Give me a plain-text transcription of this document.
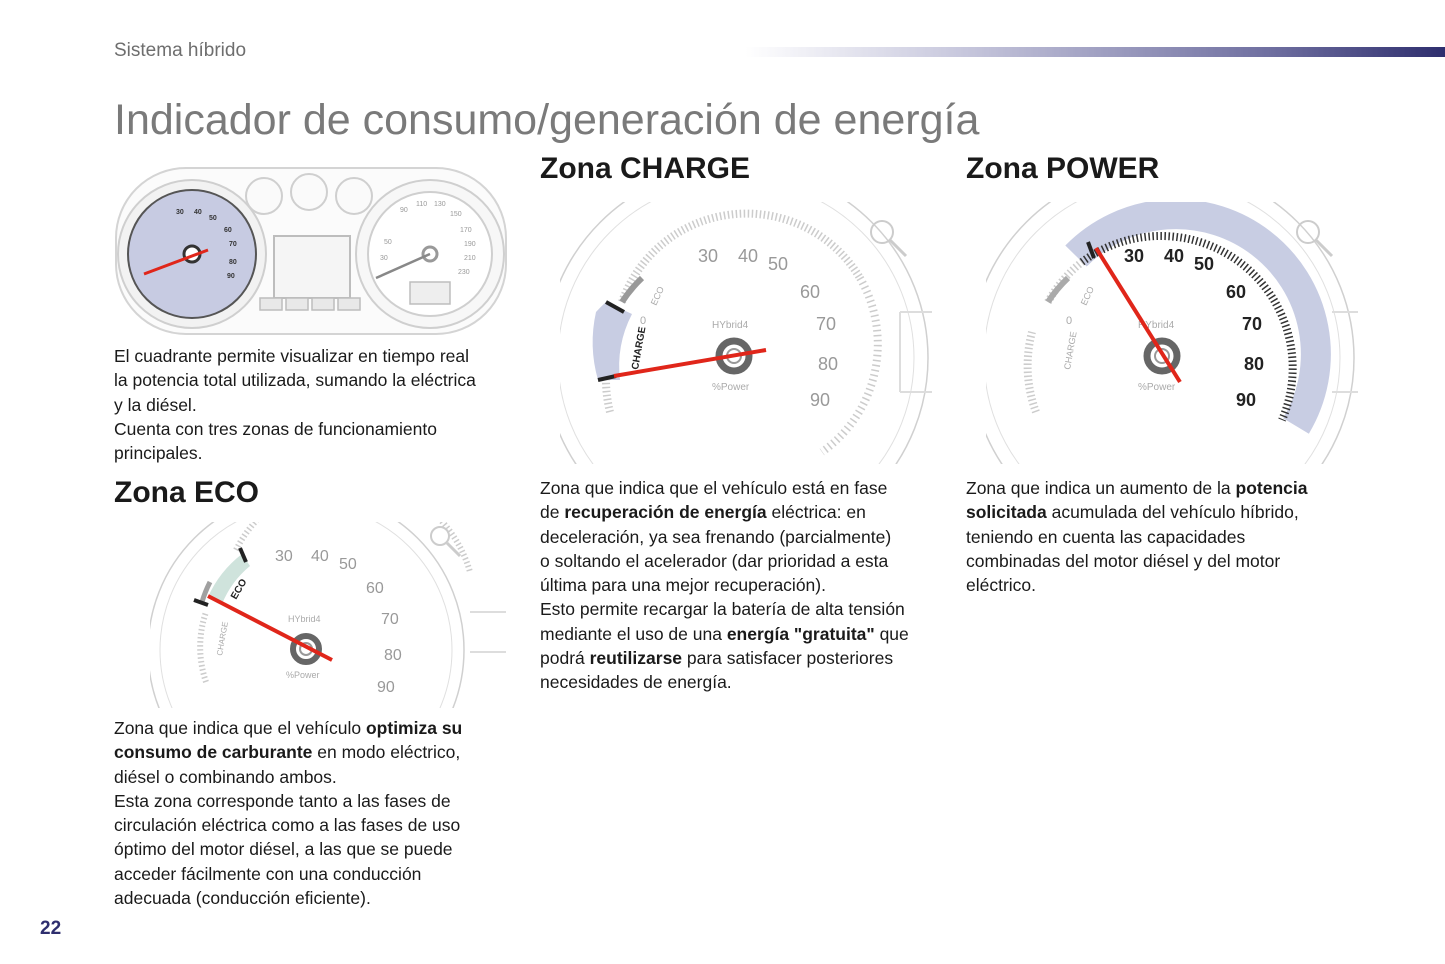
Sistema híbrido
Indicador de consumo/generación de energía
30 40
50
60
70
80
90
90
110 130
150
170
190
210
230
50
30
El cuadrante permite visualizar en tiempo real
la potencia total utilizada, sumando la eléctrica
y la diésel.
Cuenta con tres zonas de funcionamiento
principales.
Zona ECO
30 40 50
60
70
80
90
ECO
CHARGE
HYbrid4
%Power
Zona que indica que el vehículo optimiza su
consumo de carburante en modo eléctrico,
diésel o combinando ambos.
Esta zona corresponde tanto a las fases de
circulación eléctrica como a las fases de uso
óptimo del motor diésel, a las que se puede
acceder fácilmente con una conducción
adecuada (conducción eficiente).
Zona CHARGE
30 40 50
60
70
80
90
CHARGE
ECO
0	HYbrid4
%Power
Zona que indica que el vehículo está en fase
de recuperación de energía eléctrica: en
deceleración, ya sea frenando (parcialmente)
o soltando el acelerador (dar prioridad a esta
última para una mejor recuperación).
Esto permite recargar la batería de alta tensión
mediante el uso de una energía "gratuita" que
podrá reutilizarse para satisfacer posteriores
necesidades de energía.
Zona POWER
30 40 50
60
70
80
90
CHARGE
ECO
0	HYbrid4
%Power
Zona que indica un aumento de la potencia
solicitada acumulada del vehículo híbrido,
teniendo en cuenta las capacidades
combinadas del motor diésel y del motor
eléctrico.
22
